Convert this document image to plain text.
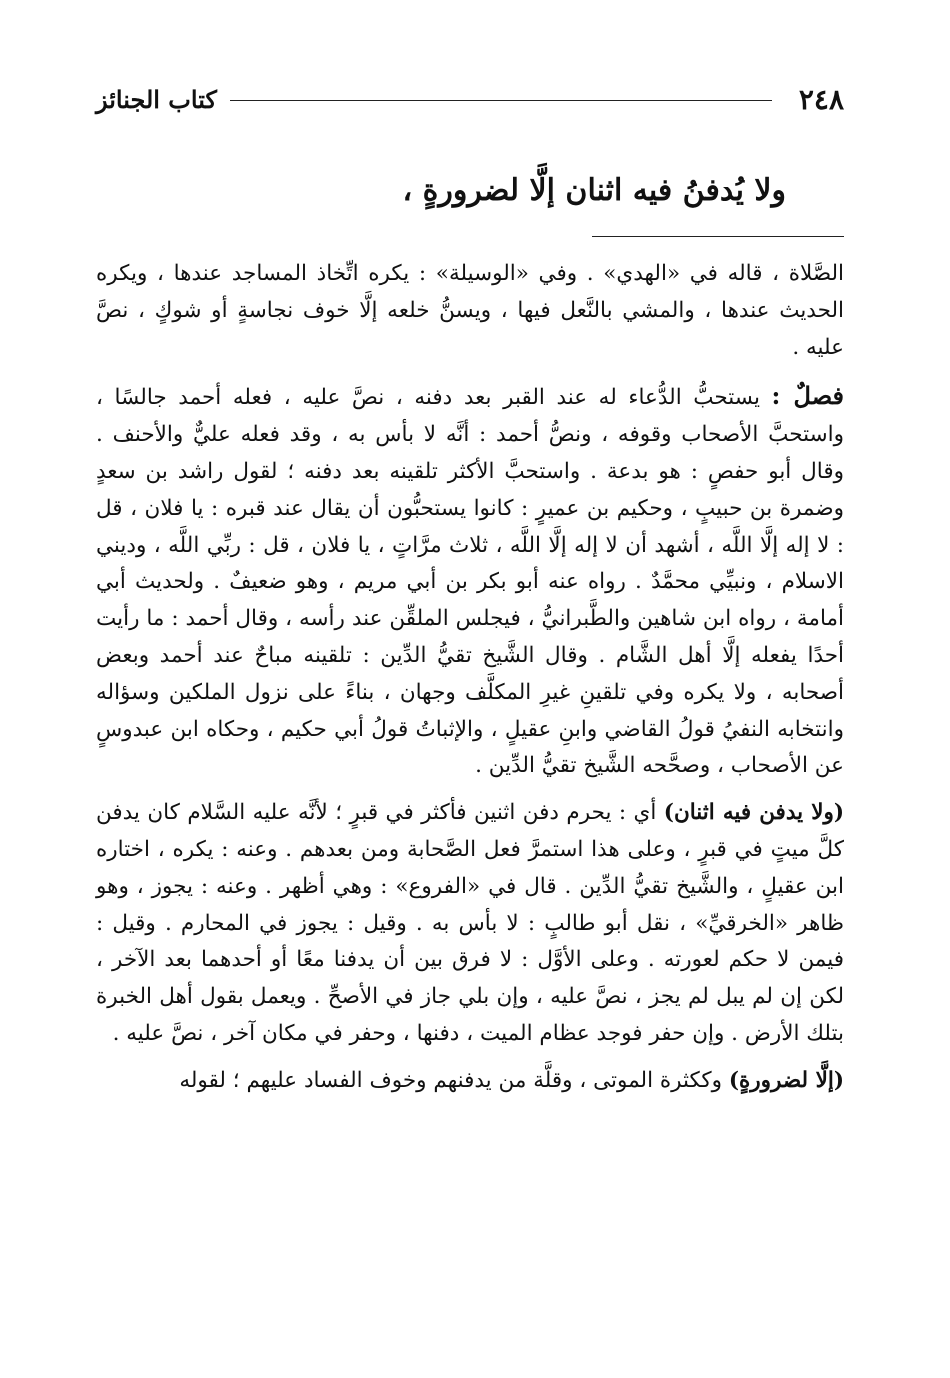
٢٤٨
كتاب الجنائز
ولا يُدفنُ فيه اثنان إلَّا لضرورةٍ ،

الصَّلاة ، قاله في «الهدي» . وفي «الوسيلة» : يكره اتِّخاذ المساجد عندها ، ويكره الحديث عندها ، والمشي بالنَّعل فيها ، ويسنُّ خلعه إلَّا خوف نجاسةٍ أو شوكٍ ، نصَّ عليه .

فصلٌ : يستحبُّ الدُّعاء له عند القبر بعد دفنه ، نصَّ عليه ، فعله أحمد جالسًا ، واستحبَّ الأصحاب وقوفه ، ونصُّ أحمد : أنَّه لا بأس به ، وقد فعله عليٌّ والأحنف . وقال أبو حفصٍ : هو بدعة . واستحبَّ الأكثر تلقينه بعد دفنه ؛ لقول راشد بن سعدٍ وضمرة بن حبيبٍ ، وحكيم بن عميرٍ : كانوا يستحبُّون أن يقال عند قبره : يا فلان ، قل : لا إله إلَّا اللَّه ، أشهد أن لا إله إلَّا اللَّه ، ثلاث مرَّاتٍ ، يا فلان ، قل : ربِّي اللَّه ، وديني الاسلام ، ونبيِّي محمَّدٌ . رواه عنه أبو بكر بن أبي مريم ، وهو ضعيفٌ . ولحديث أبي أمامة ، رواه ابن شاهين والطَّبرانيُّ ، فيجلس الملقِّن عند رأسه ، وقال أحمد : ما رأيت أحدًا يفعله إلَّا أهل الشَّام . وقال الشَّيخ تقيُّ الدِّين : تلقينه مباحٌ عند أحمد وبعض أصحابه ، ولا يكره وفي تلقينِ غيرِ المكلَّف وجهان ، بناءً على نزول الملكين وسؤاله وانتخابه النفيُ قولُ القاضي وابنِ عقيلٍ ، والإثباتُ قولُ أبي حكيم ، وحكاه ابن عبدوسٍ عن الأصحاب ، وصحَّحه الشَّيخ تقيُّ الدِّين .

(ولا يدفن فيه اثنان) أي : يحرم دفن اثنين فأكثر في قبرٍ ؛ لأنَّه عليه السَّلام كان يدفن كلَّ ميتٍ في قبرٍ ، وعلى هذا استمرَّ فعل الصَّحابة ومن بعدهم . وعنه : يكره ، اختاره ابن عقيلٍ ، والشَّيخ تقيُّ الدِّين . قال في «الفروع» : وهي أظهر . وعنه : يجوز ، وهو ظاهر «الخرقيِّ» ، نقل أبو طالبٍ : لا بأس به . وقيل : يجوز في المحارم . وقيل : فيمن لا حكم لعورته . وعلى الأوَّل : لا فرق بين أن يدفنا معًا أو أحدهما بعد الآخر ، لكن إن لم يبل لم يجز ، نصَّ عليه ، وإن بلي جاز في الأصحِّ . ويعمل بقول أهل الخبرة بتلك الأرض . وإن حفر فوجد عظام الميت ، دفنها ، وحفر في مكان آخر ، نصَّ عليه .

(إلَّا لضرورةٍ) وككثرة الموتى ، وقلَّة من يدفنهم وخوف الفساد عليهم ؛ لقوله
